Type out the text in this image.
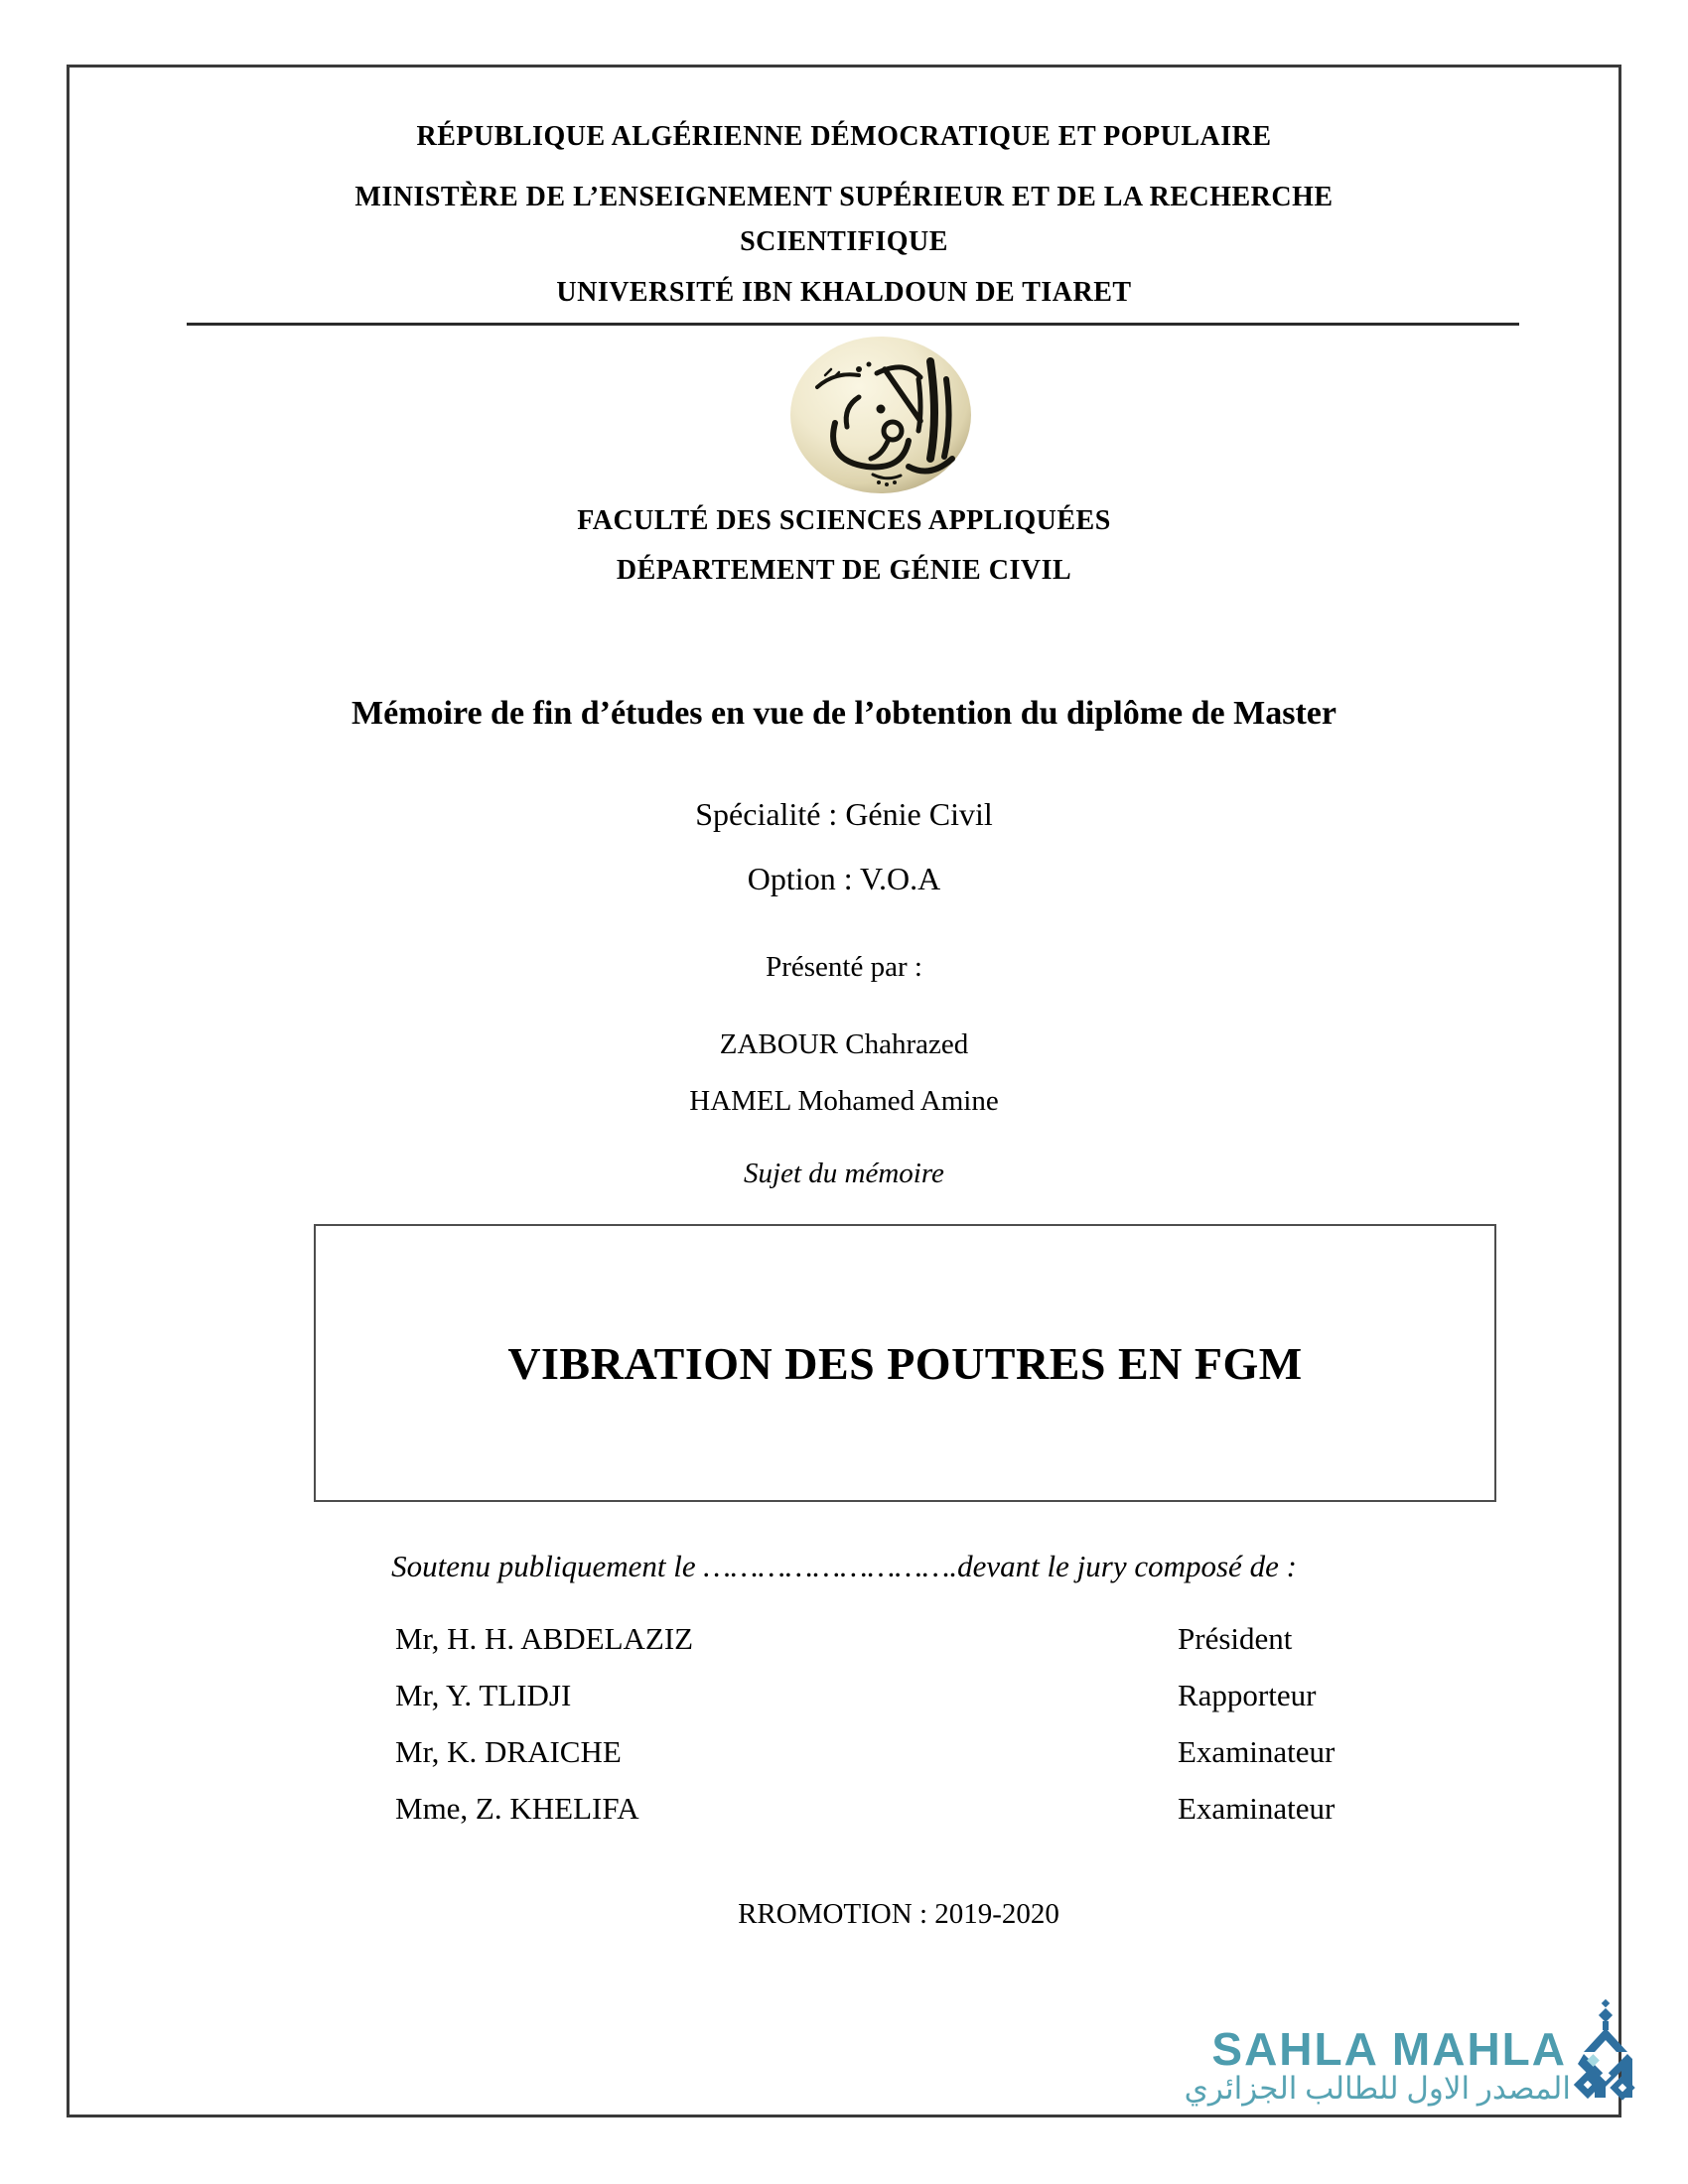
RÉPUBLIQUE ALGÉRIENNE DÉMOCRATIQUE ET POPULAIRE
MINISTÈRE DE L’ENSEIGNEMENT SUPÉRIEUR ET DE LA RECHERCHE
SCIENTIFIQUE
UNIVERSITÉ IBN KHALDOUN DE TIARET
FACULTÉ DES SCIENCES APPLIQUÉES
DÉPARTEMENT DE GÉNIE CIVIL
Mémoire de fin d’études en vue de l’obtention du diplôme de Master
Spécialité : Génie Civil
Option : V.O.A
Présenté par :
ZABOUR Chahrazed
HAMEL Mohamed Amine
Sujet du mémoire
VIBRATION DES POUTRES EN FGM
Soutenu publiquement le ……………………….devant le jury composé de :
Mr, H. H. ABDELAZIZ	Président
Mr, Y. TLIDJI	Rapporteur
Mr, K. DRAICHE	Examinateur
Mme, Z. KHELIFA	Examinateur
RROMOTION : 2019-2020
SAHLA MAHLA
المصدر الاول للطالب الجزائري
